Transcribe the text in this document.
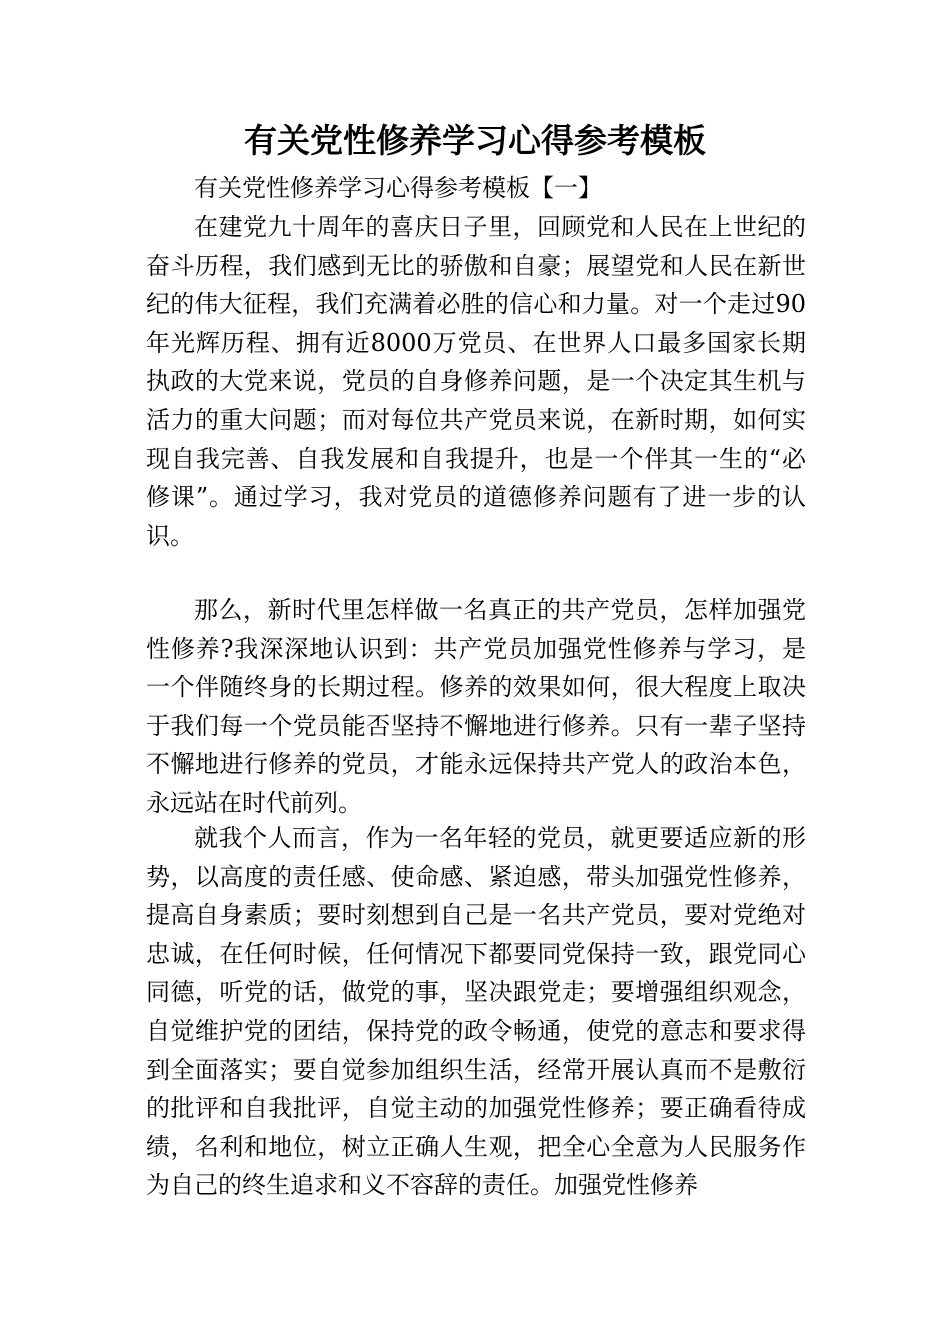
有关党性修养学习心得参考模板

有关党性修养学习心得参考模板【一】

在建党九十周年的喜庆日子里，回顾党和人民在上世纪的奋斗历程，我们感到无比的骄傲和自豪；展望党和人民在新世纪的伟大征程，我们充满着必胜的信心和力量。对一个走过90年光辉历程、拥有近8000万党员、在世界人口最多国家长期执政的大党来说，党员的自身修养问题，是一个决定其生机与活力的重大问题；而对每位共产党员来说，在新时期，如何实现自我完善、自我发展和自我提升，也是一个伴其一生的“必修课”。通过学习，我对党员的道德修养问题有了进一步的认识。

那么，新时代里怎样做一名真正的共产党员，怎样加强党性修养?我深深地认识到：共产党员加强党性修养与学习，是一个伴随终身的长期过程。修养的效果如何，很大程度上取决于我们每一个党员能否坚持不懈地进行修养。只有一辈子坚持不懈地进行修养的党员，才能永远保持共产党人的政治本色，永远站在时代前列。

就我个人而言，作为一名年轻的党员，就更要适应新的形势，以高度的责任感、使命感、紧迫感，带头加强党性修养，提高自身素质；要时刻想到自己是一名共产党员，要对党绝对忠诚，在任何时候，任何情况下都要同党保持一致，跟党同心同德，听党的话，做党的事，坚决跟党走；要增强组织观念，自觉维护党的团结，保持党的政令畅通，使党的意志和要求得到全面落实；要自觉参加组织生活，经常开展认真而不是敷衍的批评和自我批评，自觉主动的加强党性修养；要正确看待成绩，名利和地位，树立正确人生观，把全心全意为人民服务作为自己的终生追求和义不容辞的责任。加强党性修养
